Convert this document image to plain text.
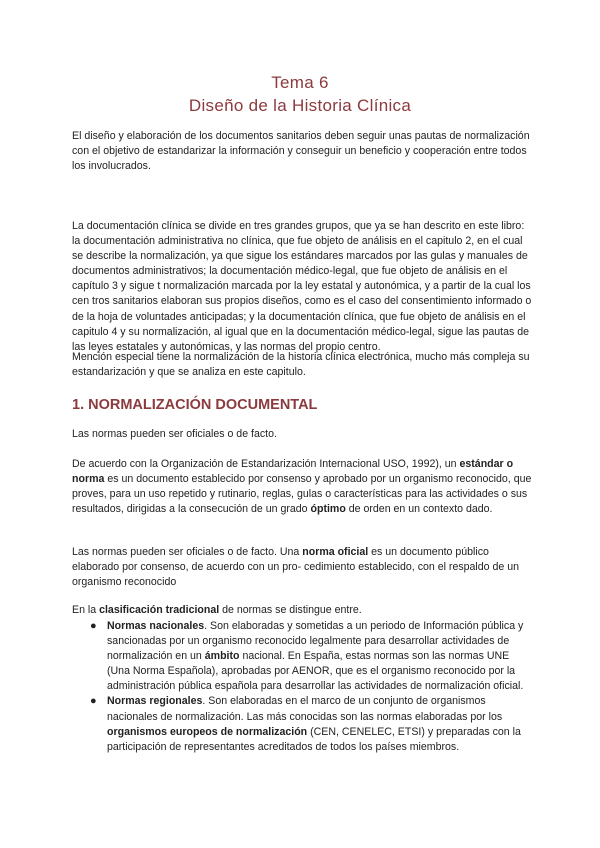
Tema 6
Diseño de la Historia Clínica

El diseño y elaboración de los documentos sanitarios deben seguir unas pautas de normalización con el objetivo de estandarizar la información y conseguir un beneficio y cooperación entre todos los involucrados.

La documentación clínica se divide en tres grandes grupos, que ya se han descrito en este libro: la documentación administrativa no clínica, que fue objeto de análisis en el capitulo 2, en el cual se describe la normalización, ya que sigue los estándares marcados por las gulas y manuales de documentos administrativos; la documentación médico-legal, que fue objeto de análisis en el capítulo 3 y sigue t normalización marcada por la ley estatal y autonómica, y a partir de la cual los cen tros sanitarios elaboran sus propios diseños, como es el caso del consentimiento informado o de la hoja de voluntades anticipadas; y la documentación clínica, que fue objeto de análisis en el capitulo 4 y su normalización, al igual que en la documentación médico-legal, sigue las pautas de las leyes estatales y autonómicas, y las normas del propio centro.

Mención especial tiene la normalización de la historia clínica electrónica, mucho más compleja su estandarización y que se analiza en este capitulo.

1. NORMALIZACIÓN DOCUMENTAL

Las normas pueden ser oficiales o de facto.

De acuerdo con la Organización de Estandarización Internacional USO, 1992), un estándar o norma es un documento establecido por consenso y aprobado por un organismo reconocido, que proves, para un uso repetido y rutinario, reglas, gulas o características para las actividades o sus resultados, dirigidas a la consecución de un grado óptimo de orden en un contexto dado.

Las normas pueden ser oficiales o de facto. Una norma oficial es un documento público elaborado por consenso, de acuerdo con un pro- cedimiento establecido, con el respaldo de un organismo reconocido

En la clasificación tradicional de normas se distingue entre.

● Normas nacionales. Son elaboradas y sometidas a un periodo de Información pública y sancionadas por un organismo reconocido legalmente para desarrollar actividades de normalización en un ámbito nacional. En España, estas normas son las normas UNE (Una Norma Española), aprobadas por AENOR, que es el organismo reconocido por la administración pública española para desarrollar las actividades de normalización oficial.
● Normas regionales. Son elaboradas en el marco de un conjunto de organismos nacionales de normalización. Las más conocidas son las normas elaboradas por los organismos europeos de normalización (CEN, CENELEC, ETSI) y preparadas con la participación de representantes acreditados de todos los países miembros.
